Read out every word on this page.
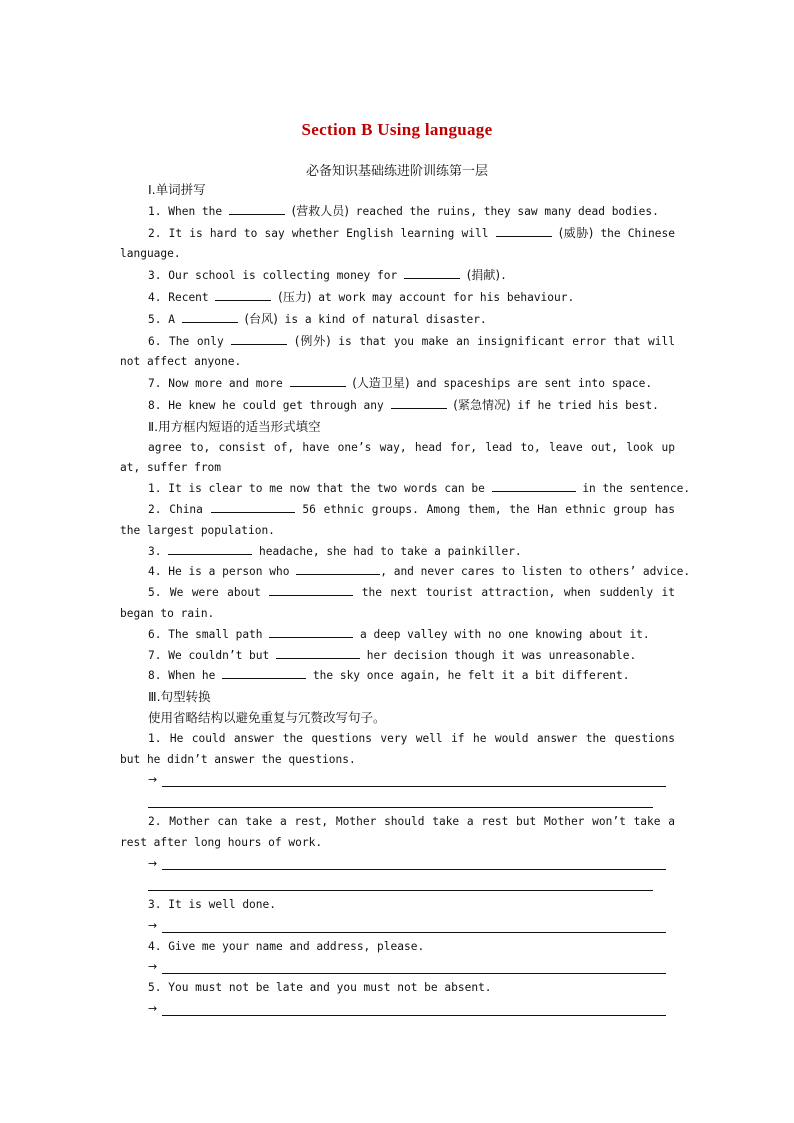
Section B Using language
必备知识基础练进阶训练第一层
Ⅰ.单词拼写
1. When the	(营救人员) reached the ruins, they saw many dead bodies.
2. It is hard to say whether English learning will	(威胁) the Chinese language.
3. Our school is collecting money for	(捐献).
4. Recent	(压力) at work may account for his behaviour.
5. A	(台风) is a kind of natural disaster.
6. The only	(例外) is that you make an insignificant error that will not affect anyone.
7. Now more and more	(人造卫星) and spaceships are sent into space.
8. He knew he could get through any	(紧急情况) if he tried his best.
Ⅱ.用方框内短语的适当形式填空
agree to, consist of, have one’s way, head for, lead to, leave out, look up at, suffer from
1. It is clear to me now that the two words can be	in the sentence.
2. China	56 ethnic groups. Among them, the Han ethnic group has the largest population.
3.	headache, she had to take a painkiller.
4. He is a person who	, and never cares to listen to others’ advice.
5. We were about	the next tourist attraction, when suddenly it began to rain.
6. The small path	a deep valley with no one knowing about it.
7. We couldn’t but	her decision though it was unreasonable.
8. When he	the sky once again, he felt it a bit different.
Ⅲ.句型转换
使用省略结构以避免重复与冗赘改写句子。
1. He could answer the questions very well if he would answer the questions but he didn’t answer the questions.
→
2. Mother can take a rest, Mother should take a rest but Mother won’t take a rest after long hours of work.
→
3. It is well done.
→
4. Give me your name and address, please.
→
5. You must not be late and you must not be absent.
→
